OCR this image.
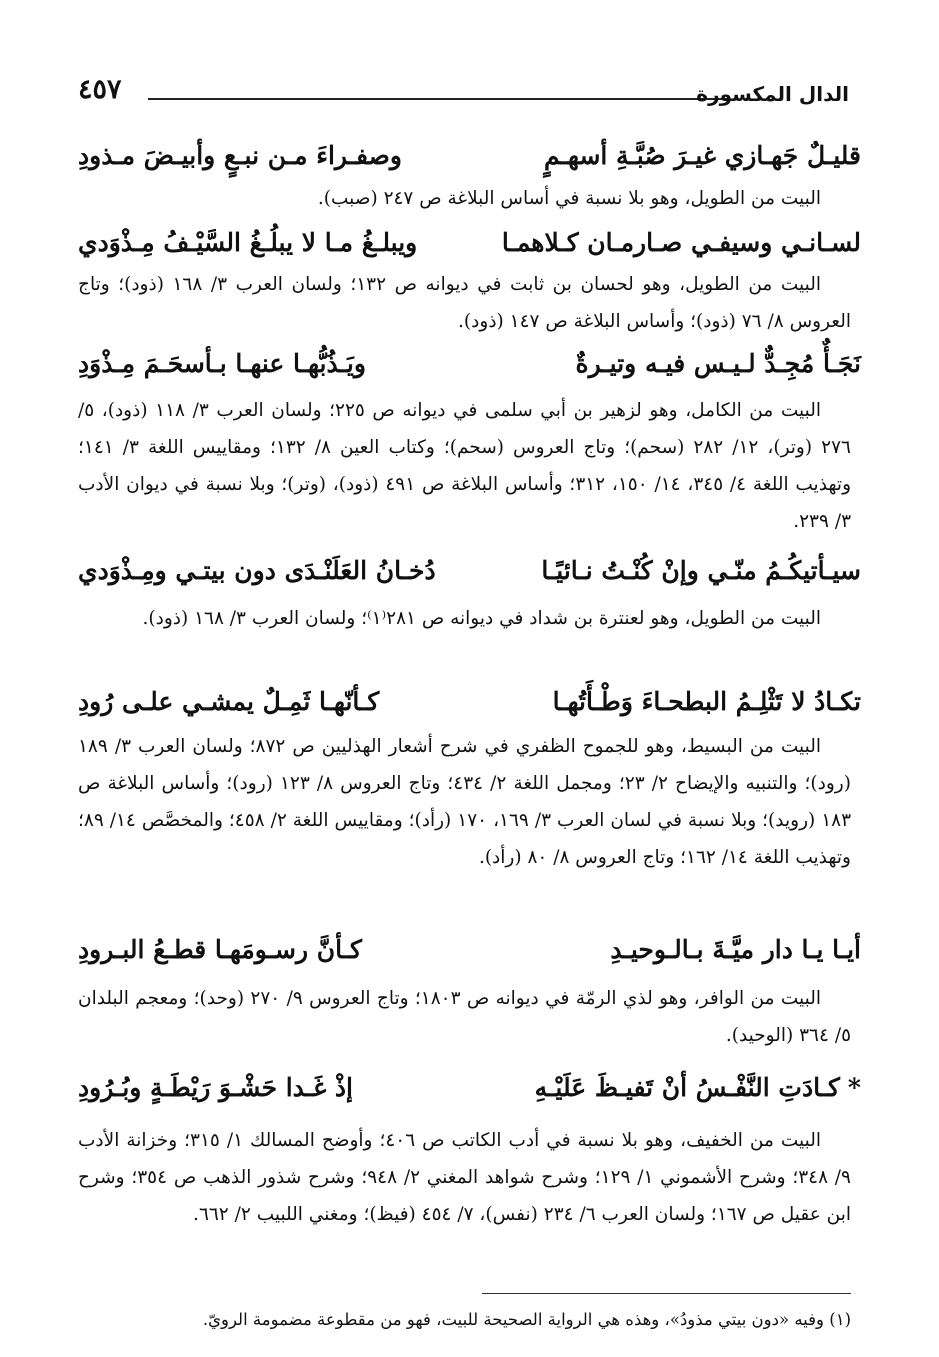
٤٥٧	الدال المكسورة
قليـلٌ جَهـازي غيـرَ صُبَّـةِ أسهـمٍ
وصفـراءَ مـن نبـعٍ وأبيـضَ مـذودِ

البيت من الطويل، وهو بلا نسبة في أساس البلاغة ص ٢٤٧ (صبب).

لسـانـي وسيفـي صـارمـان كـلاهمـا
ويبلـغُ مـا لا يبلُـغُ السَّيْـفُ مِـذْوَدي

البيت من الطويل، وهو لحسان بن ثابت في ديوانه ص ١٣٢؛ ولسان العرب ٣/ ١٦٨ (ذود)؛ وتاج العروس ٨/ ٧٦ (ذود)؛ وأساس البلاغة ص ١٤٧ (ذود).

نَجَـأٌ مُجِـدٌّ لـيـس فيـه وتيـرةٌ
ويَـذُبُّهـا عنهـا بـأسحَـمَ مِـذْوَدِ

البيت من الكامل، وهو لزهير بن أبي سلمى في ديوانه ص ٢٢٥؛ ولسان العرب ٣/ ١١٨ (ذود)، ٥/ ٢٧٦ (وتر)، ١٢/ ٢٨٢ (سحم)؛ وتاج العروس (سحم)؛ وكتاب العين ٨/ ١٣٢؛ ومقاييس اللغة ٣/ ١٤١؛ وتهذيب اللغة ٤/ ٣٤٥، ١٤/ ١٥٠، ٣١٢؛ وأساس البلاغة ص ٤٩١ (ذود)، (وتر)؛ وبلا نسبة في ديوان الأدب ٣/ ٢٣٩.

سيـأتيكُـمُ منّـي وإنْ كُنْـتُ نـائيًـا
دُخـانُ العَلَنْـدَى دون بيتـي ومِـذْوَدي

البيت من الطويل، وهو لعنترة بن شداد في ديوانه ص ٢٨١⁽١⁾؛ ولسان العرب ٣/ ١٦٨ (ذود).

تكـادُ لا تَثْلِـمُ البطحـاءَ وَطْـأَتُهـا
كـأنّهـا ثَمِـلٌ يمشـي علـى رُودِ

البيت من البسيط، وهو للجموح الظفري في شرح أشعار الهذليين ص ٨٧٢؛ ولسان العرب ٣/ ١٨٩ (رود)؛ والتنبيه والإيضاح ٢/ ٢٣؛ ومجمل اللغة ٢/ ٤٣٤؛ وتاج العروس ٨/ ١٢٣ (رود)؛ وأساس البلاغة ص ١٨٣ (رويد)؛ وبلا نسبة في لسان العرب ٣/ ١٦٩، ١٧٠ (رأد)؛ ومقاييس اللغة ٢/ ٤٥٨؛ والمخصَّص ١٤/ ٨٩؛ وتهذيب اللغة ١٤/ ١٦٢؛ وتاج العروس ٨/ ٨٠ (رأد).

أيـا يـا دار ميَّـةَ بـالـوحيـدِ
كـأنَّ رسـومَهـا قطـعُ البـرودِ

البيت من الوافر، وهو لذي الرمّة في ديوانه ص ١٨٠٣؛ وتاج العروس ٩/ ٢٧٠ (وحد)؛ ومعجم البلدان ٥/ ٣٦٤ (الوحيد).

*كـادَتِ النَّفْـسُ أنْ تَفيـظَ عَلَيْـهِ
إذْ غَـدا حَشْـوَ رَيْطَـةٍ وبُـرُودِ

البيت من الخفيف، وهو بلا نسبة في أدب الكاتب ص ٤٠٦؛ وأوضح المسالك ١/ ٣١٥؛ وخزانة الأدب ٩/ ٣٤٨؛ وشرح الأشموني ١/ ١٢٩؛ وشرح شواهد المغني ٢/ ٩٤٨؛ وشرح شذور الذهب ص ٣٥٤؛ وشرح ابن عقيل ص ١٦٧؛ ولسان العرب ٦/ ٢٣٤ (نفس)، ٧/ ٤٥٤ (فيظ)؛ ومغني اللبيب ٢/ ٦٦٢.

(١) وفيه «دون بيتي مذودُ»، وهذه هي الرواية الصحيحة للبيت، فهو من مقطوعة مضمومة الرويّ.
